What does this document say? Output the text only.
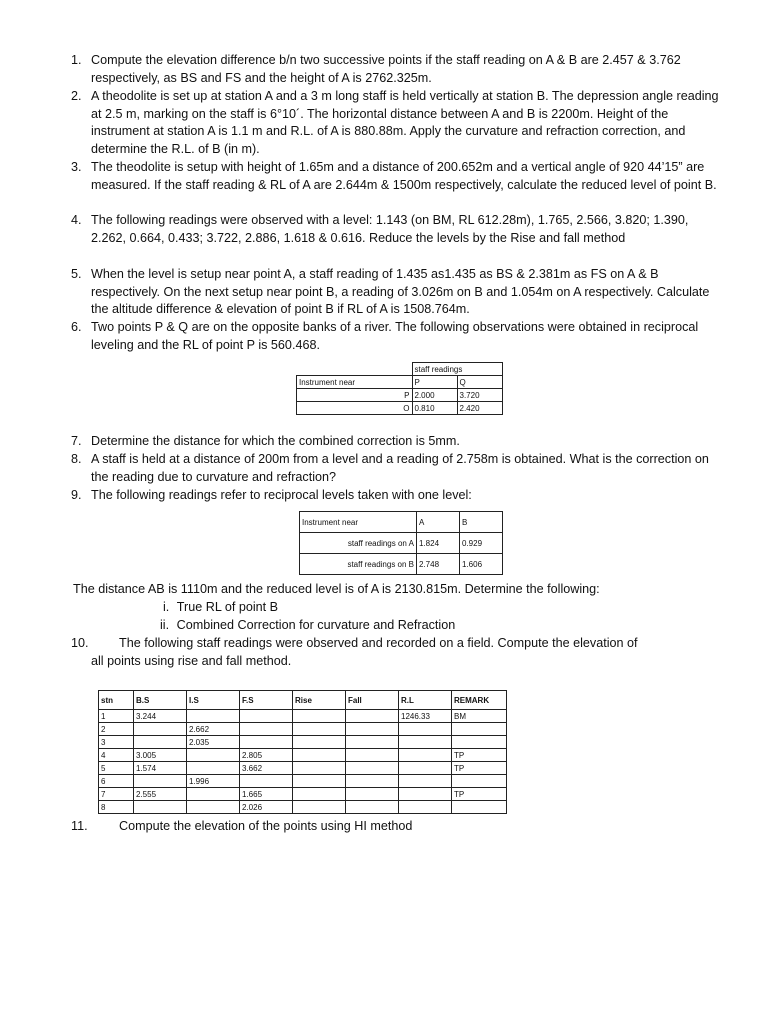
1. Compute the elevation difference b/n two successive points if the staff reading on A & B are 2.457 & 3.762 respectively, as BS and FS and the height of A is 2762.325m.
2. A theodolite is set up at station A and a 3 m long staff is held vertically at station B. The depression angle reading at 2.5 m, marking on the staff is 6°10´. The horizontal distance between A and B is 2200m. Height of the instrument at station A is 1.1 m and R.L. of A is 880.88m. Apply the curvature and refraction correction, and determine the R.L. of B (in m).
3. The theodolite is setup with height of 1.65m and a distance of 200.652m and a vertical angle of 920 44’15” are measured. If the staff reading & RL of A are 2.644m & 1500m respectively, calculate the reduced level of point B.
4. The following readings were observed with a level: 1.143 (on BM, RL 612.28m), 1.765, 2.566, 3.820; 1.390, 2.262, 0.664, 0.433; 3.722, 2.886, 1.618 & 0.616. Reduce the levels by the Rise and fall method
5. When the level is setup near point A, a staff reading of 1.435 as1.435 as BS & 2.381m as FS on A & B respectively. On the next setup near point B, a reading of 3.026m on B and 1.054m on A respectively. Calculate the altitude difference & elevation of point B if RL of A is 1508.764m.
6. Two points P & Q are on the opposite banks of a river. The following observations were obtained in reciprocal leveling and the RL of point P is 560.468.
	staff readings	
Instrument near	P	Q
P	2.000	3.720
O	0.810	2.420
7. Determine the distance for which the combined correction is 5mm.
8. A staff is held at a distance of 200m from a level and a reading of 2.758m is obtained. What is the correction on the reading due to curvature and refraction?
9. The following readings refer to reciprocal levels taken with one level:
Instrument near	A	B
staff readings on A	1.824	0.929
staff readings on B	2.748	1.606
The distance AB is 1110m and the reduced level is of A is 2130.815m. Determine the following:
i. True RL of point B
ii. Combined Correction for curvature and Refraction
10. The following staff readings were observed and recorded on a field. Compute the elevation of
all points using rise and fall method.
stn	B.S	I.S	F.S	Rise	Fall	R.L	REMARK
1	3.244					1246.33	BM
2		2.662					
3		2.035					
4	3.005		2.805				TP
5	1.574		3.662				TP
6		1.996					
7	2.555		1.665				TP
8			2.026				
11. Compute the elevation of the points using HI method
